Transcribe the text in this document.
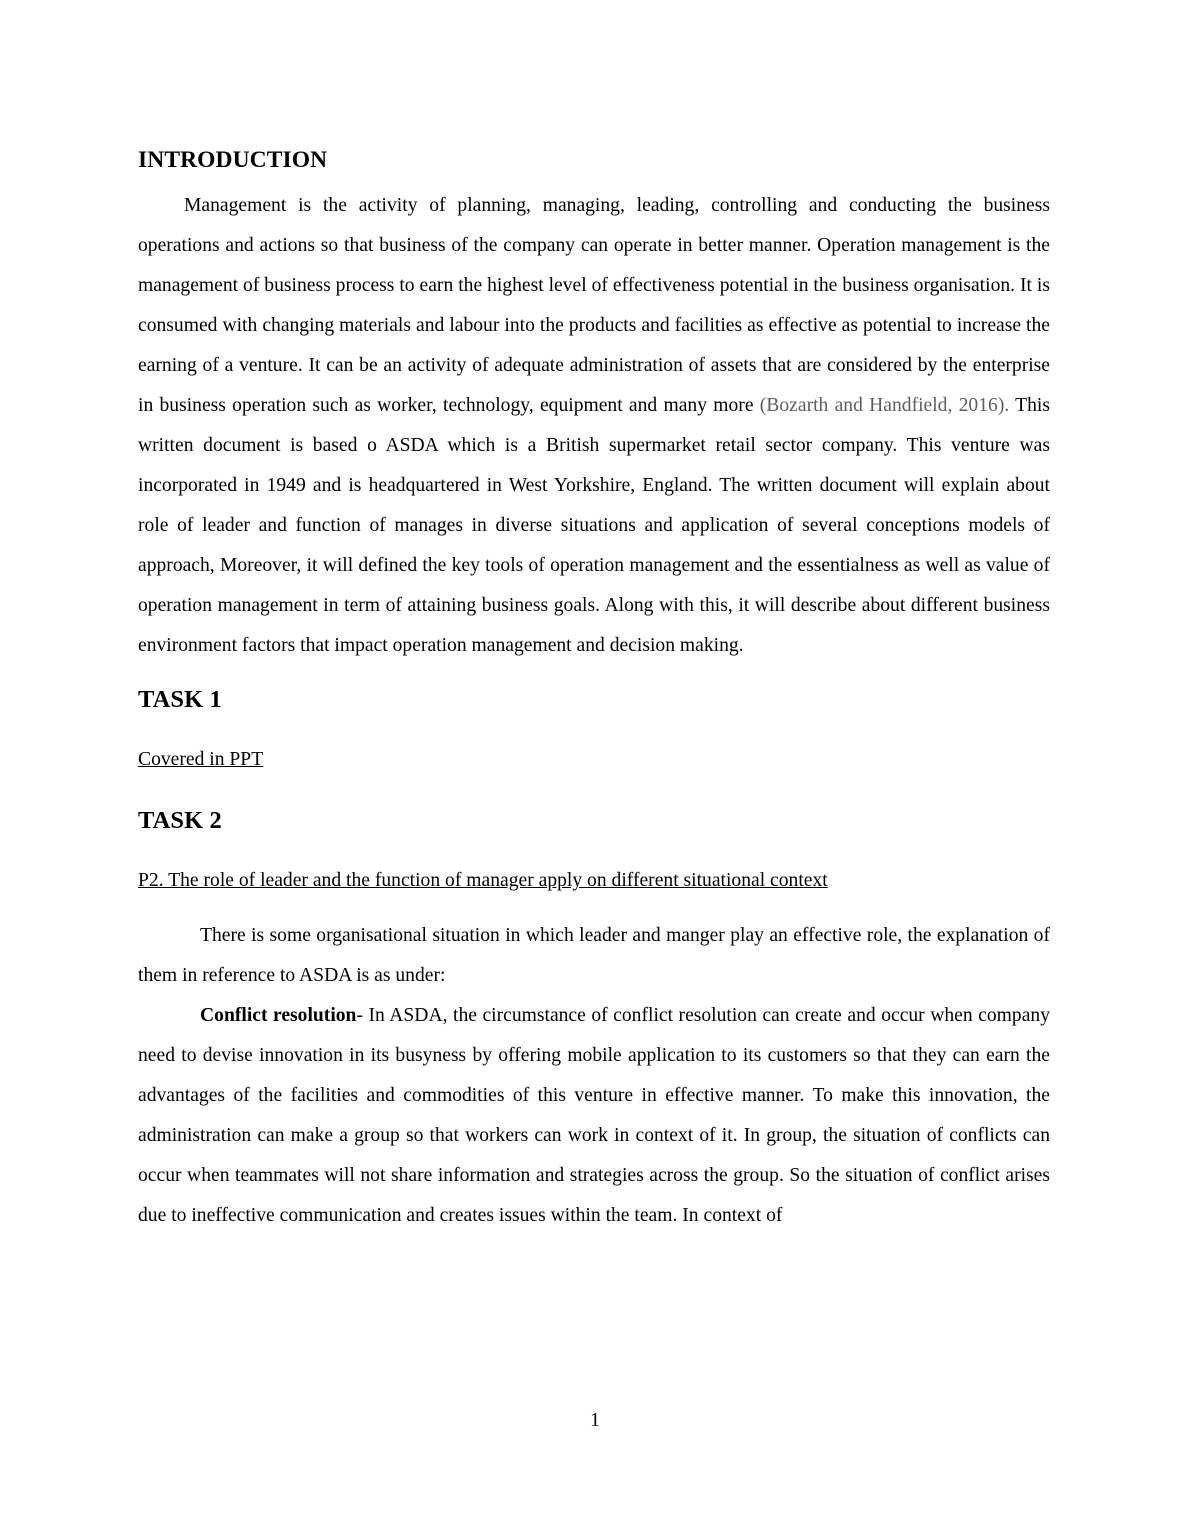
INTRODUCTION

Management is the activity of planning, managing, leading, controlling and conducting the business operations and actions so that business of the company can operate in better manner. Operation management is the management of business process to earn the highest level of effectiveness potential in the business organisation. It is consumed with changing materials and labour into the products and facilities as effective as potential to increase the earning of a venture. It can be an activity of adequate administration of assets that are considered by the enterprise in business operation such as worker, technology, equipment and many more (Bozarth and Handfield, 2016). This written document is based o ASDA which is a British supermarket retail sector company. This venture was incorporated in 1949 and is headquartered in West Yorkshire, England. The written document will explain about role of leader and function of manages in diverse situations and application of several conceptions models of approach, Moreover, it will defined the key tools of operation management and the essentialness as well as value of operation management in term of attaining business goals. Along with this, it will describe about different business environment factors that impact operation management and decision making.

TASK 1
Covered in PPT
TASK 2
P2. The role of leader and the function of manager apply on different situational context

There is some organisational situation in which leader and manger play an effective role, the explanation of them in reference to ASDA is as under:

Conflict resolution- In ASDA, the circumstance of conflict resolution can create and occur when company need to devise innovation in its busyness by offering mobile application to its customers so that they can earn the advantages of the facilities and commodities of this venture in effective manner. To make this innovation, the administration can make a group so that workers can work in context of it. In group, the situation of conflicts can occur when teammates will not share information and strategies across the group. So the situation of conflict arises due to ineffective communication and creates issues within the team. In context of

1
